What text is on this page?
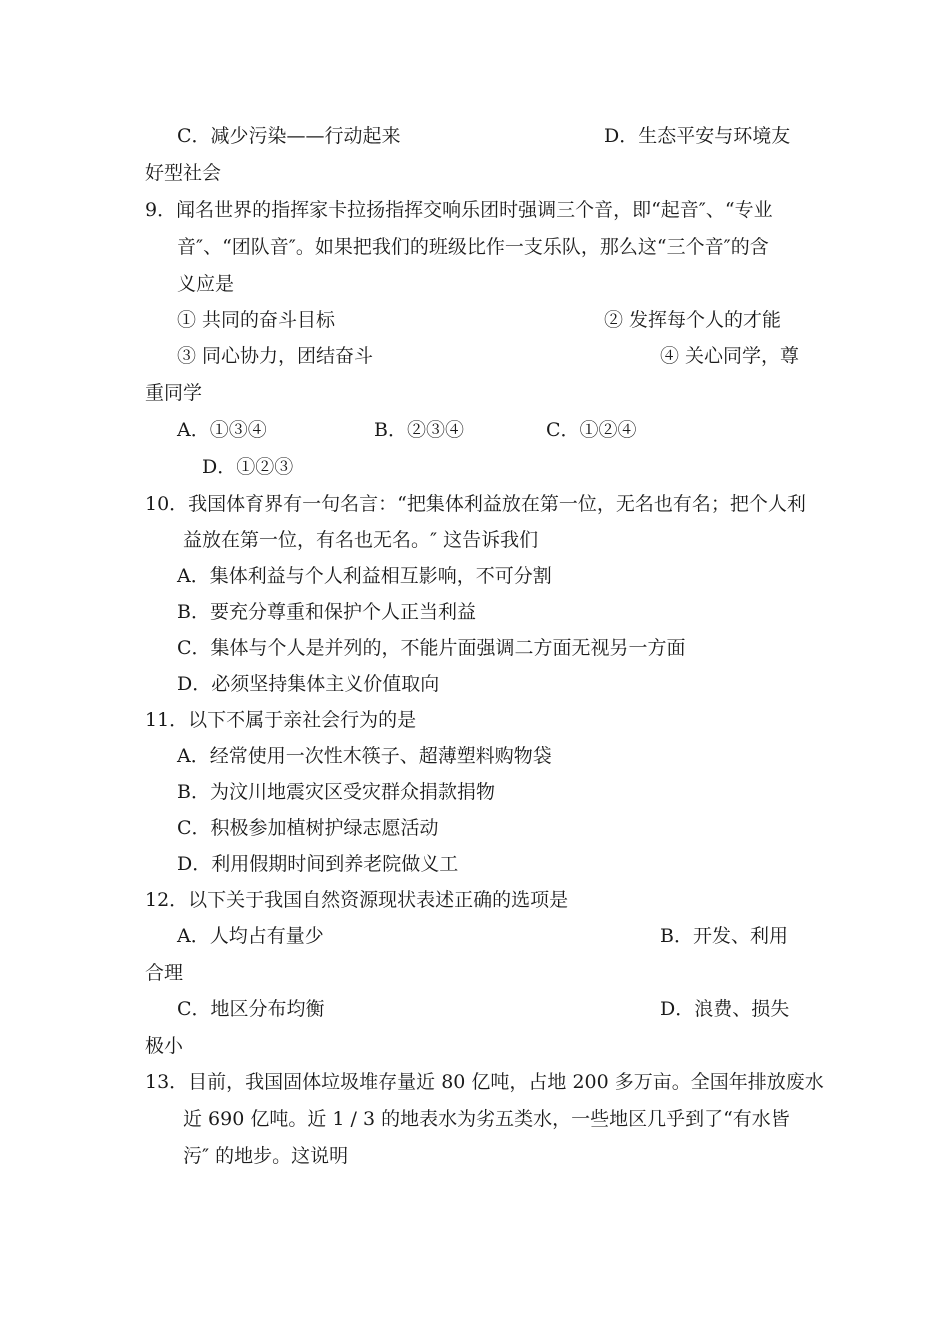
C．减少污染——行动起来	D．生态平安与环境友
好型社会
9．闻名世界的指挥家卡拉扬指挥交响乐团时强调三个音，即“起音″、“专业
音″、“团队音″。如果把我们的班级比作一支乐队，那么这“三个音″的含
义应是
① 共同的奋斗目标	② 发挥每个人的才能
③ 同心协力，团结奋斗	④ 关心同学，尊
重同学
A．①③④	B．②③④	C．①②④
D．①②③
10．我国体育界有一句名言：“把集体利益放在第一位，无名也有名；把个人利
益放在第一位，有名也无名。″ 这告诉我们
A．集体利益与个人利益相互影响，不可分割
B．要充分尊重和保护个人正当利益
C．集体与个人是并列的，不能片面强调二方面无视另一方面
D．必须坚持集体主义价值取向
11．以下不属于亲社会行为的是
A．经常使用一次性木筷子、超薄塑料购物袋
B．为汶川地震灾区受灾群众捐款捐物
C．积极参加植树护绿志愿活动
D．利用假期时间到养老院做义工
12．以下关于我国自然资源现状表述正确的选项是
A．人均占有量少	B．开发、利用
合理
C．地区分布均衡	D．浪费、损失
极小
13．目前，我国固体垃圾堆存量近 80 亿吨，占地 200 多万亩。全国年排放废水
近 690 亿吨。近 1 / 3 的地表水为劣五类水，一些地区几乎到了“有水皆
污″ 的地步。这说明
